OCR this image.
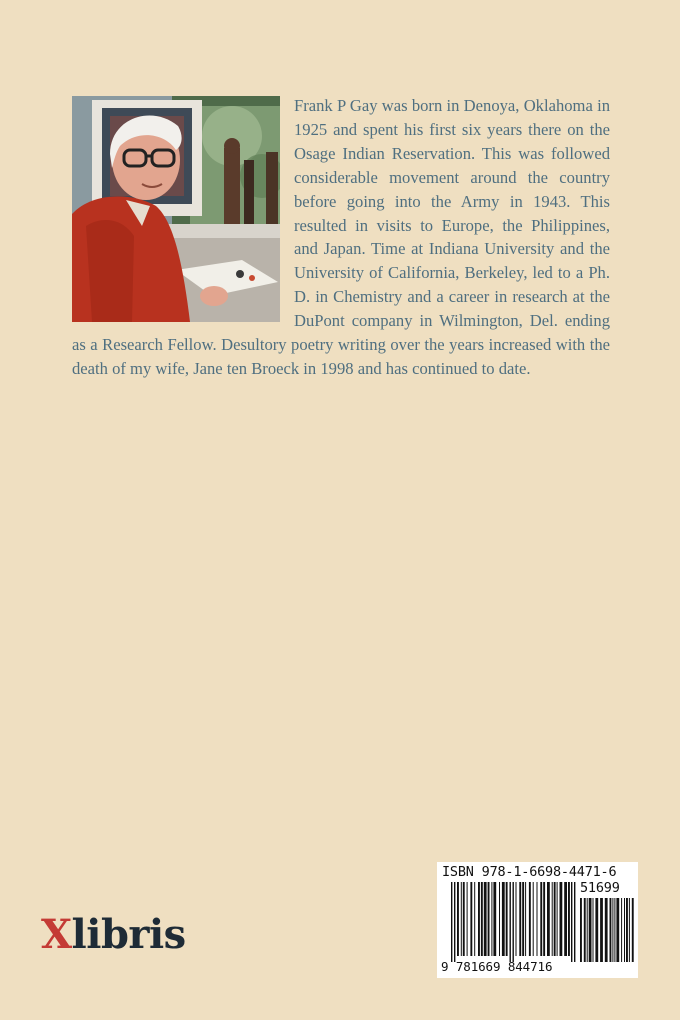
Frank P Gay was born in Denoya, Oklahoma in 1925 and spent his first six years there on the Osage Indian Reservation. This was followed considerable movement around the country before going into the Army in 1943. This resulted in visits to Europe, the Philippines, and Japan. Time at Indiana University and the University of California, Berkeley, led to a Ph. D. in Chemistry and a career in research at the DuPont company in Wilmington, Del. ending as a Research Fellow. Desultory poetry writing over the years increased with the death of my wife, Jane ten Broeck in 1998 and has continued to date.
Xlibris
ISBN 978-1-6698-4471-6
51699
9 781669 844716
